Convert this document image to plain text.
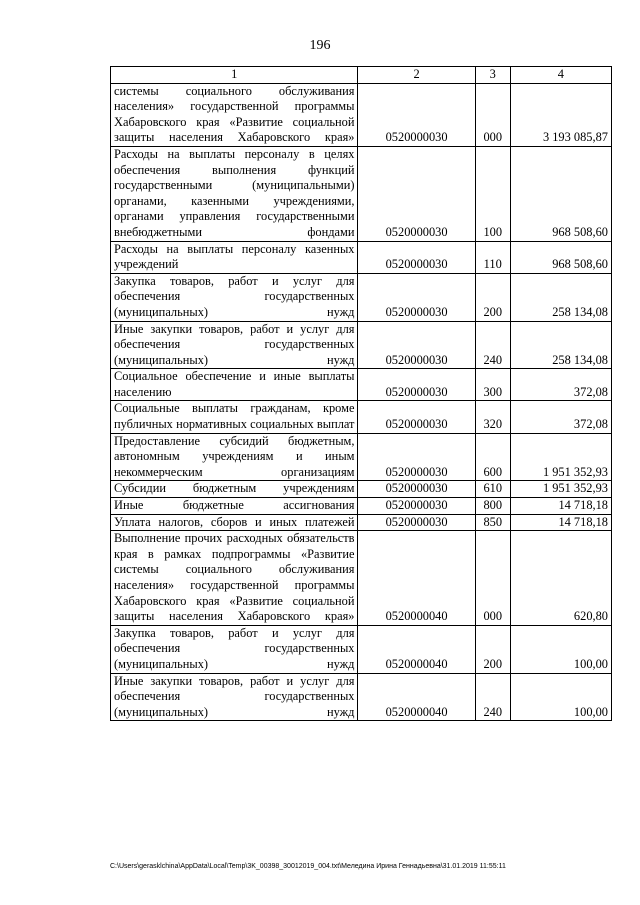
196
1	2	3	4
системы социального обслуживания населения» государственной программы Хабаровского края «Развитие социальной защиты населения Хабаровского края»	0520000030	000	3 193 085,87
Расходы на выплаты персоналу в целях обеспечения выполнения функций государственными (муниципальными) органами, казенными учреждениями, органами управления государственными внебюджетными фондами	0520000030	100	968 508,60
Расходы на выплаты персоналу казенных учреждений	0520000030	110	968 508,60
Закупка товаров, работ и услуг для обеспечения государственных (муниципальных) нужд	0520000030	200	258 134,08
Иные закупки товаров, работ и услуг для обеспечения государственных (муниципальных) нужд	0520000030	240	258 134,08
Социальное обеспечение и иные выплаты населению	0520000030	300	372,08
Социальные выплаты гражданам, кроме публичных нормативных социальных выплат	0520000030	320	372,08
Предоставление субсидий бюджетным, автономным учреждениям и иным некоммерческим организациям	0520000030	600	1 951 352,93
Субсидии бюджетным учреждениям	0520000030	610	1 951 352,93
Иные бюджетные ассигнования	0520000030	800	14 718,18
Уплата налогов, сборов и иных платежей	0520000030	850	14 718,18
Выполнение прочих расходных обязательств края в рамках подпрограммы «Развитие системы социального обслуживания населения» государственной программы Хабаровского края «Развитие социальной защиты населения Хабаровского края»	0520000040	000	620,80
Закупка товаров, работ и услуг для обеспечения государственных (муниципальных) нужд	0520000040	200	100,00
Иные закупки товаров, работ и услуг для обеспечения государственных (муниципальных) нужд	0520000040	240	100,00
C:\Users\gerasklchina\AppData\Local\Temp\3K_00398_30012019_004.txt\Меледина Ирина Геннадьевна\31.01.2019 11:55:11
